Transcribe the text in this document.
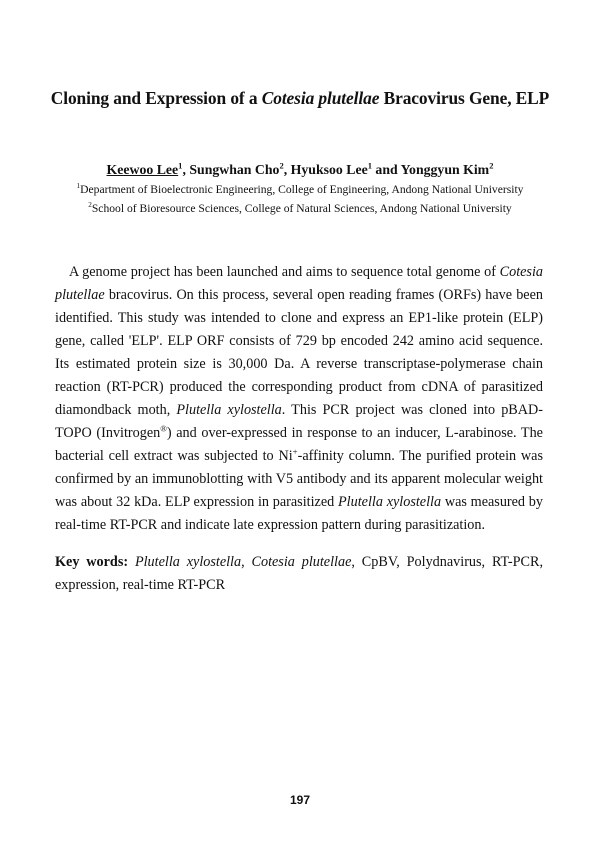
Cloning and Expression of a Cotesia plutellae Bracovirus Gene, ELP
Keewoo Lee$^1$, Sungwhan Cho$^2$, Hyuksoo Lee$^1$ and Yonggyun Kim$^2$
$^1$Department of Bioelectronic Engineering, College of Engineering, Andong National University
$^2$School of Bioresource Sciences, College of Natural Sciences, Andong National University

A genome project has been launched and aims to sequence total genome of Cotesia plutellae bracovirus. On this process, several open reading frames (ORFs) have been identified. This study was intended to clone and express an EP1-like protein (ELP) gene, called 'ELP'. ELP ORF consists of 729 bp encoded 242 amino acid sequence. Its estimated protein size is 30,000 Da. A reverse transcriptase-polymerase chain reaction (RT-PCR) produced the corresponding product from cDNA of parasitized diamondback moth, Plutella xylostella. This PCR project was cloned into pBAD-TOPO (Invitrogen®) and over-expressed in response to an inducer, L-arabinose. The bacterial cell extract was subjected to Ni+-affinity column. The purified protein was confirmed by an immunoblotting with V5 antibody and its apparent molecular weight was about 32 kDa. ELP expression in parasitized Plutella xylostella was measured by real-time RT-PCR and indicate late expression pattern during parasitization.

Key words: Plutella xylostella, Cotesia plutellae, CpBV, Polydnavirus, RT-PCR, expression, real-time RT-PCR

197
